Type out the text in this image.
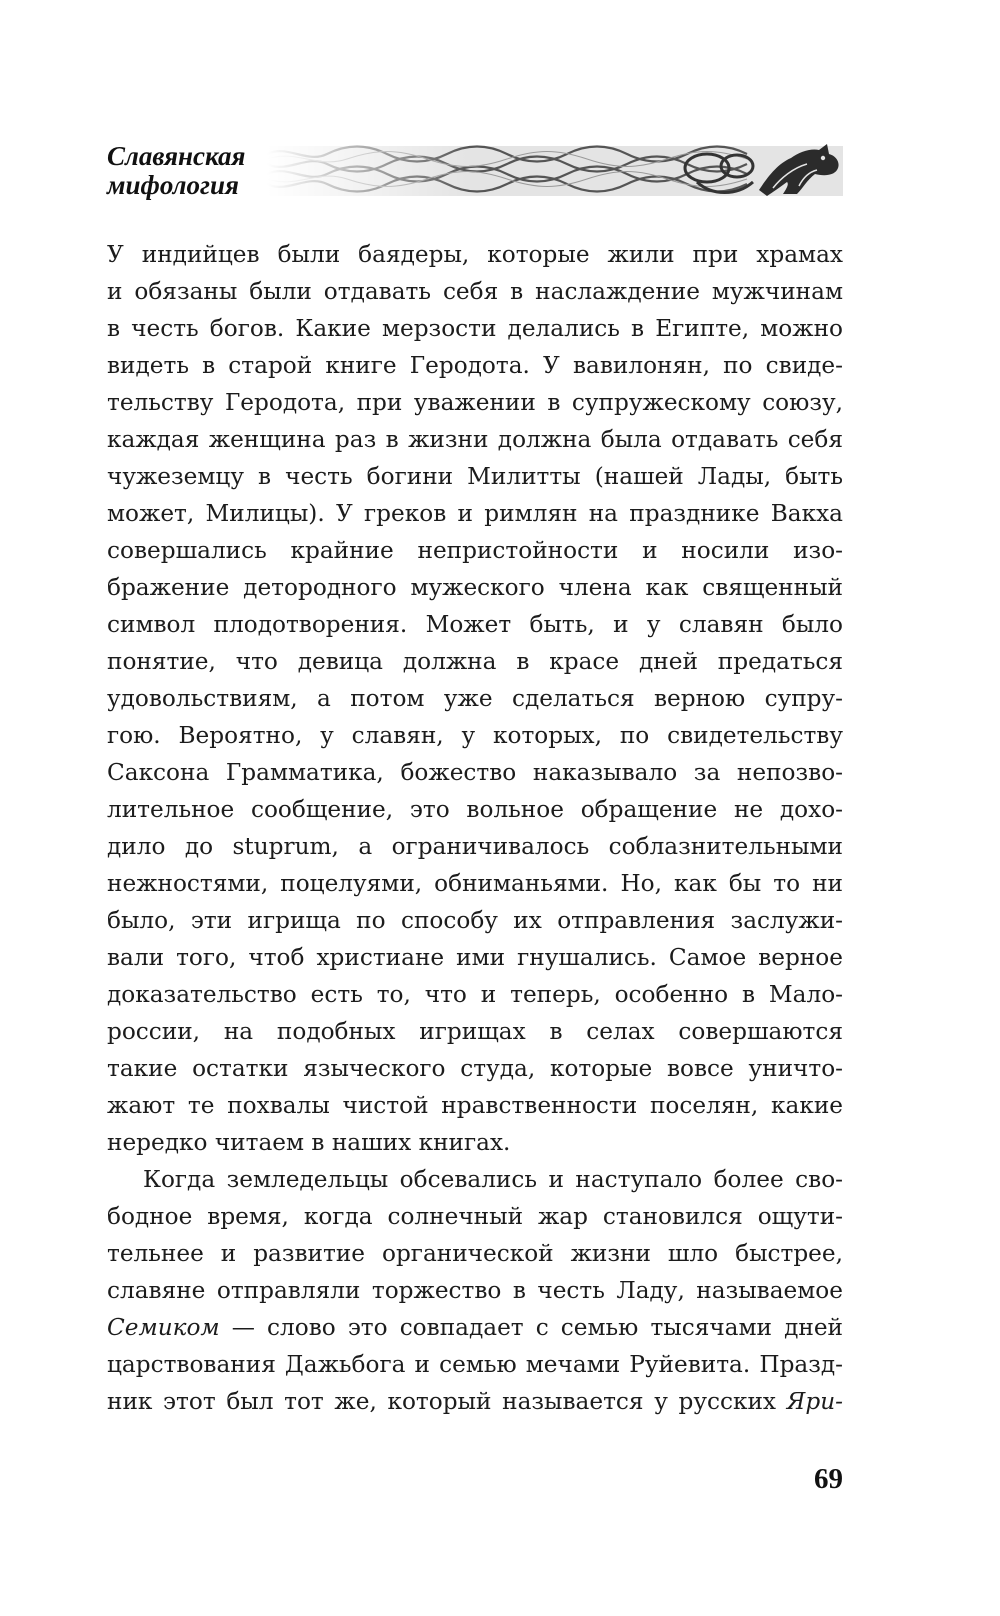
Славянская
мифология
У индийцев были баядеры, которые жили при храмах
и обязаны были отдавать себя в наслаждение мужчинам
в честь богов. Какие мерзости делались в Египте, можно
видеть в старой книге Геродота. У вавилонян, по свиде-
тельству Геродота, при уважении в супружескому союзу,
каждая женщина раз в жизни должна была отдавать себя
чужеземцу в честь богини Милитты (нашей Лады, быть
может, Милицы). У греков и римлян на празднике Вакха
совершались крайние непристойности и носили изо-
бражение детородного мужеского члена как священный
символ плодотворения. Может быть, и у славян было
понятие, что девица должна в красе дней предаться
удовольствиям, а потом уже сделаться верною супру-
гою. Вероятно, у славян, у которых, по свидетельству
Саксона Грамматика, божество наказывало за непозво-
лительное сообщение, это вольное обращение не дохо-
дило до stuprum, а ограничивалось соблазнительными
нежностями, поцелуями, обниманьями. Но, как бы то ни
было, эти игрища по способу их отправления заслужи-
вали того, чтоб христиане ими гнушались. Самое верное
доказательство есть то, что и теперь, особенно в Мало-
россии, на подобных игрищах в селах совершаются
такие остатки языческого студа, которые вовсе уничто-
жают те похвалы чистой нравственности поселян, какие
нередко читаем в наших книгах.
Когда земледельцы обсевались и наступало более сво-
бодное время, когда солнечный жар становился ощути-
тельнее и развитие органической жизни шло быстрее,
славяне отправляли торжество в честь Ладу, называемое
Семиком — слово это совпадает с семью тысячами дней
царствования Дажьбога и семью мечами Руйевита. Празд-
ник этот был тот же, который называется у русских Яри-
69
